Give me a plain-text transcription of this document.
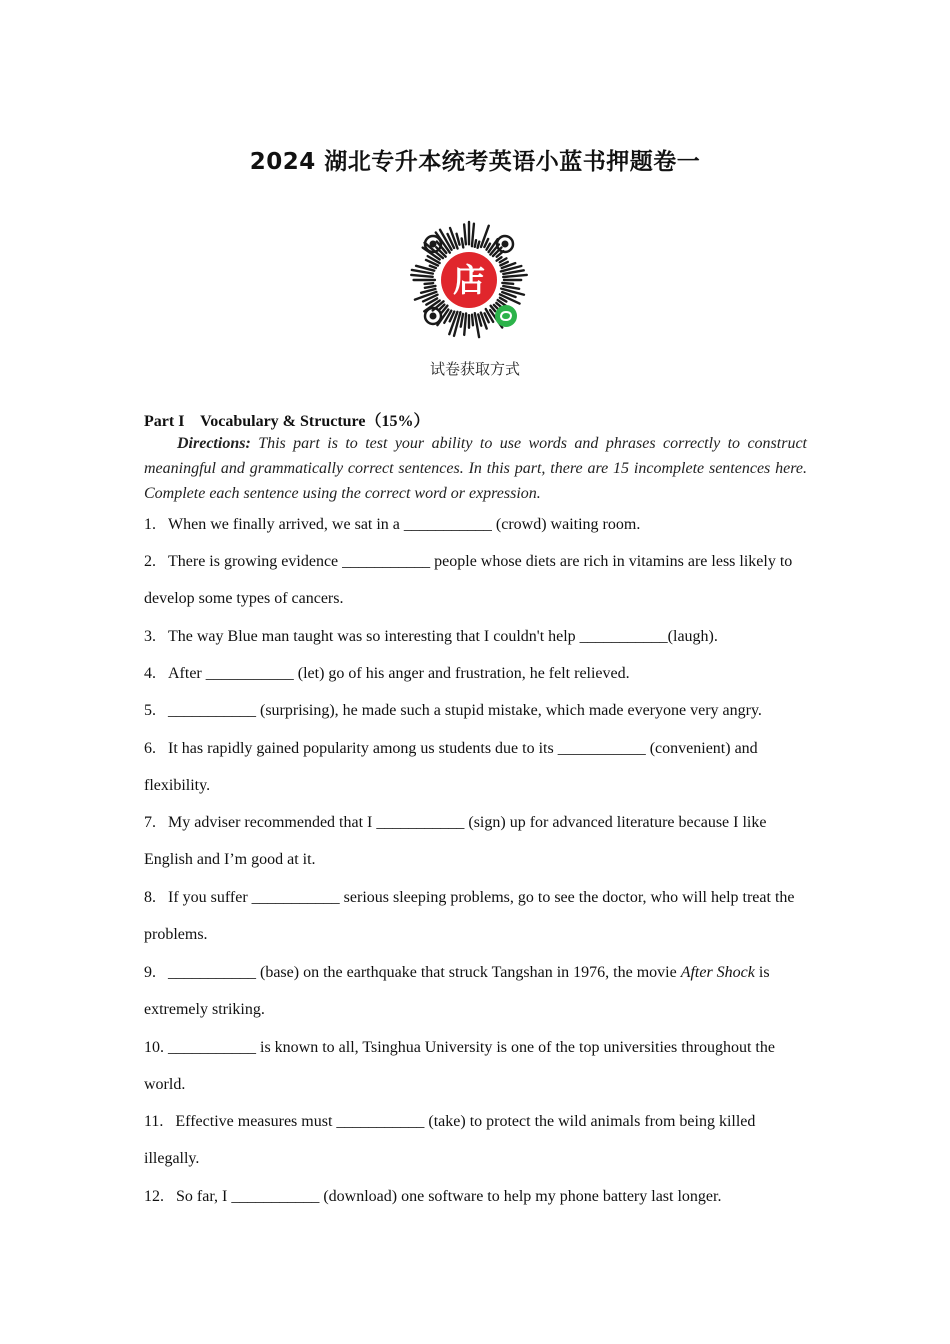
2024 湖北专升本统考英语小蓝书押题卷一
店
试卷获取方式
Part I    Vocabulary & Structure（15%）
Directions: This part is to test your ability to use words and phrases correctly to construct meaningful and grammatically correct sentences. In this part, there are 15 incomplete sentences here. Complete each sentence using the correct word or expression.
1. When we finally arrived, we sat in a ___________ (crowd) waiting room.
2. There is growing evidence ___________ people whose diets are rich in vitamins are less likely to develop some types of cancers.
3. The way Blue man taught was so interesting that I couldn't help ___________(laugh).
4. After ___________ (let) go of his anger and frustration, he felt relieved.
5. ___________ (surprising), he made such a stupid mistake, which made everyone very angry.
6. It has rapidly gained popularity among us students due to its ___________ (convenient) and flexibility.
7. My adviser recommended that I ___________ (sign) up for advanced literature because I like English and I’m good at it.
8. If you suffer ___________ serious sleeping problems, go to see the doctor, who will help treat the problems.
9. ___________ (base) on the earthquake that struck Tangshan in 1976, the movie After Shock is extremely striking.
10. ___________ is known to all, Tsinghua University is one of the top universities throughout the world.
11. Effective measures must ___________ (take) to protect the wild animals from being killed illegally.
12. So far, I ___________ (download) one software to help my phone battery last longer.
